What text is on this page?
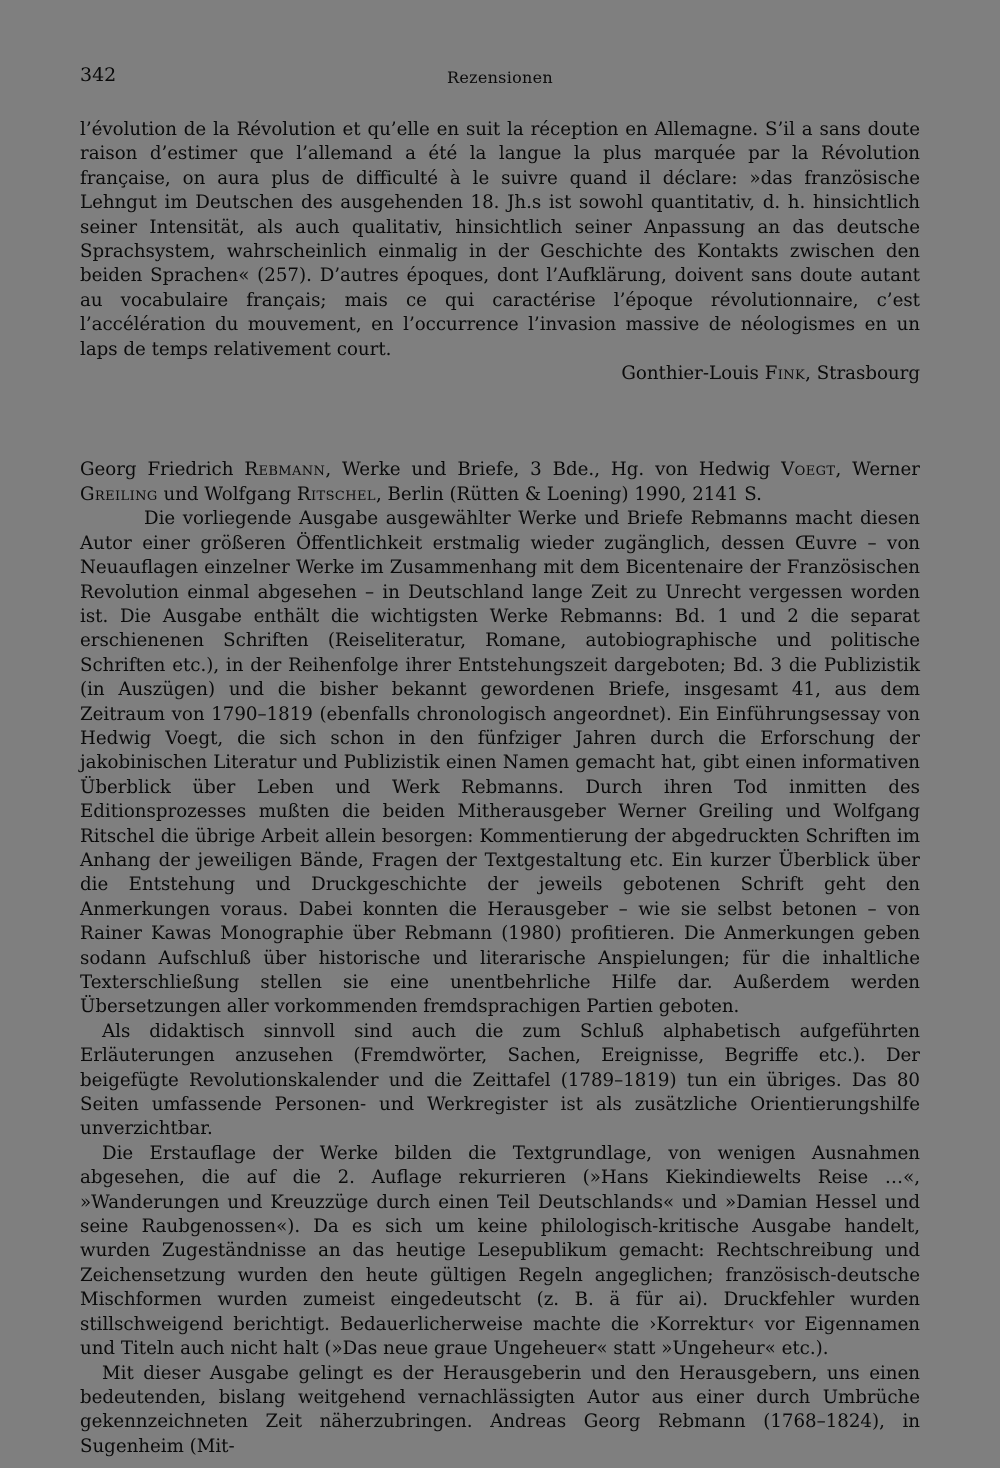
342	Rezensionen

l’évolution de la Révolution et qu’elle en suit la réception en Allemagne. S’il a sans doute raison d’estimer que l’allemand a été la langue la plus marquée par la Révolution française, on aura plus de difficulté à le suivre quand il déclare: »das französische Lehngut im Deutschen des ausgehenden 18. Jh.s ist sowohl quantitativ, d. h. hinsichtlich seiner Intensität, als auch qualitativ, hinsichtlich seiner Anpassung an das deutsche Sprachsystem, wahrscheinlich einmalig in der Geschichte des Kontakts zwischen den beiden Sprachen« (257). D’autres époques, dont l’Aufklärung, doivent sans doute autant au vocabulaire français; mais ce qui caractérise l’époque révolutionnaire, c’est l’accélération du mouvement, en l’occurrence l’invasion massive de néologismes en un laps de temps relativement court.

Gonthier-Louis Fink, Strasbourg

Georg Friedrich Rebmann, Werke und Briefe, 3 Bde., Hg. von Hedwig Voegt, Werner Greiling und Wolfgang Ritschel, Berlin (Rütten & Loening) 1990, 2141 S.

Die vorliegende Ausgabe ausgewählter Werke und Briefe Rebmanns macht diesen Autor einer größeren Öffentlichkeit erstmalig wieder zugänglich, dessen Œuvre – von Neuauflagen einzelner Werke im Zusammenhang mit dem Bicentenaire der Französischen Revolution einmal abgesehen – in Deutschland lange Zeit zu Unrecht vergessen worden ist. Die Ausgabe enthält die wichtigsten Werke Rebmanns: Bd. 1 und 2 die separat erschienenen Schriften (Reiseliteratur, Romane, autobiographische und politische Schriften etc.), in der Reihenfolge ihrer Entstehungszeit dargeboten; Bd. 3 die Publizistik (in Auszügen) und die bisher bekannt gewordenen Briefe, insgesamt 41, aus dem Zeitraum von 1790–1819 (ebenfalls chronologisch angeordnet). Ein Einführungsessay von Hedwig Voegt, die sich schon in den fünfziger Jahren durch die Erforschung der jakobinischen Literatur und Publizistik einen Namen gemacht hat, gibt einen informativen Überblick über Leben und Werk Rebmanns. Durch ihren Tod inmitten des Editionsprozesses mußten die beiden Mitherausgeber Werner Greiling und Wolfgang Ritschel die übrige Arbeit allein besorgen: Kommentierung der abgedruckten Schriften im Anhang der jeweiligen Bände, Fragen der Textgestaltung etc. Ein kurzer Überblick über die Entstehung und Druckgeschichte der jeweils gebotenen Schrift geht den Anmerkungen voraus. Dabei konnten die Herausgeber – wie sie selbst betonen – von Rainer Kawas Monographie über Rebmann (1980) profitieren. Die Anmerkungen geben sodann Aufschluß über historische und literarische Anspielungen; für die inhaltliche Texterschließung stellen sie eine unentbehrliche Hilfe dar. Außerdem werden Übersetzungen aller vorkommenden fremdsprachigen Partien geboten.

Als didaktisch sinnvoll sind auch die zum Schluß alphabetisch aufgeführten Erläuterungen anzusehen (Fremdwörter, Sachen, Ereignisse, Begriffe etc.). Der beigefügte Revolutionskalender und die Zeittafel (1789–1819) tun ein übriges. Das 80 Seiten umfassende Personen- und Werkregister ist als zusätzliche Orientierungshilfe unverzichtbar.

Die Erstauflage der Werke bilden die Textgrundlage, von wenigen Ausnahmen abgesehen, die auf die 2. Auflage rekurrieren (»Hans Kiekindiewelts Reise …«, »Wanderungen und Kreuzzüge durch einen Teil Deutschlands« und »Damian Hessel und seine Raubgenossen«). Da es sich um keine philologisch-kritische Ausgabe handelt, wurden Zugeständnisse an das heutige Lesepublikum gemacht: Rechtschreibung und Zeichensetzung wurden den heute gültigen Regeln angeglichen; französisch-deutsche Mischformen wurden zumeist eingedeutscht (z. B. ä für ai). Druckfehler wurden stillschweigend berichtigt. Bedauerlicherweise machte die ›Korrektur‹ vor Eigennamen und Titeln auch nicht halt (»Das neue graue Ungeheuer« statt »Ungeheur« etc.).

Mit dieser Ausgabe gelingt es der Herausgeberin und den Herausgebern, uns einen bedeutenden, bislang weitgehend vernachlässigten Autor aus einer durch Umbrüche gekennzeichneten Zeit näherzubringen. Andreas Georg Rebmann (1768–1824), in Sugenheim (Mit-
